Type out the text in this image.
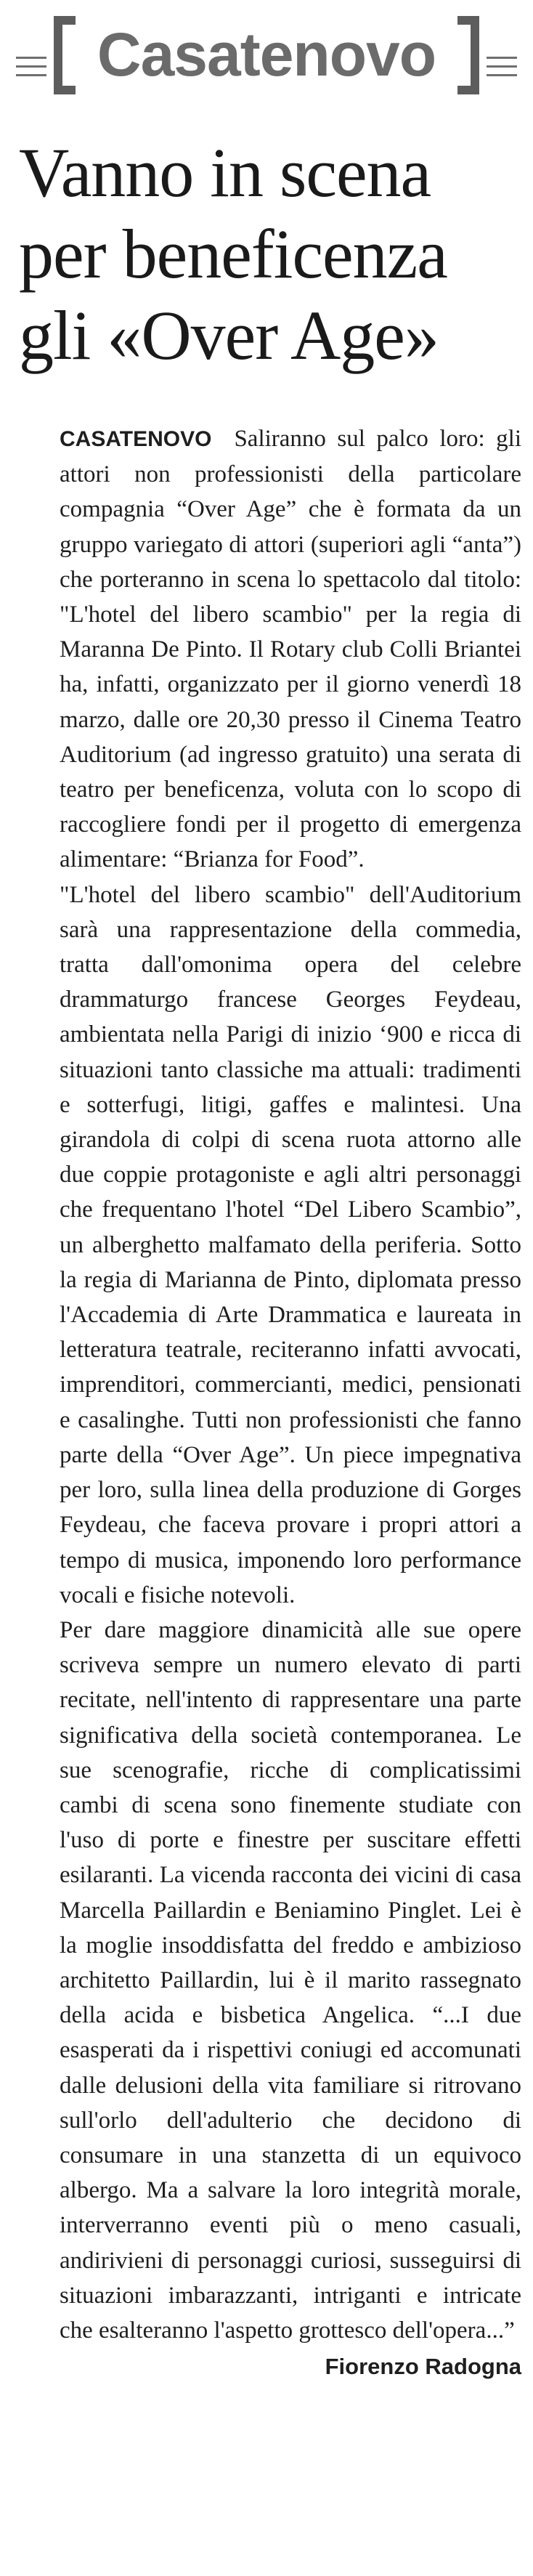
Casatenovo
Vanno in scena
per beneficenza
gli «Over Age»

CASATENOVO Saliranno sul palco loro: gli attori non professionisti della particolare compagnia “Over Age” che è formata da un gruppo variegato di attori (superiori agli “anta”) che porteranno in scena lo spettacolo dal titolo: "L'hotel del libero scambio" per la regia di Maranna De Pinto. Il Rotary club Colli Briantei ha, infatti, organizzato per il giorno venerdì 18 marzo, dalle ore 20,30 presso il Cinema Teatro Auditorium (ad ingresso gratuito) una serata di teatro per beneficenza, voluta con lo scopo di raccogliere fondi per il progetto di emergenza alimentare: “Brianza for Food”.

"L'hotel del libero scambio" dell'Auditorium sarà una rappresentazione della commedia, tratta dall'omonima opera del celebre drammaturgo francese Georges Feydeau, ambientata nella Parigi di inizio ‘900 e ricca di situazioni tanto classiche ma attuali: tradimenti e sotterfugi, litigi, gaffes e malintesi. Una girandola di colpi di scena ruota attorno alle due coppie protagoniste e agli altri personaggi che frequentano l'hotel “Del Libero Scambio”, un alberghetto malfamato della periferia. Sotto la regia di Marianna de Pinto, diplomata presso l'Accademia di Arte Drammatica e laureata in letteratura teatrale, reciteranno infatti avvocati, imprenditori, commercianti, medici, pensionati e casalinghe. Tutti non professionisti che fanno parte della “Over Age”. Un piece impegnativa per loro, sulla linea della produzione di Gorges Feydeau, che faceva provare i propri attori a tempo di musica, imponendo loro performance vocali e fisiche notevoli.

Per dare maggiore dinamicità alle sue opere scriveva sempre un numero elevato di parti recitate, nell'intento di rappresentare una parte significativa della società contemporanea. Le sue scenografie, ricche di complicatissimi cambi di scena sono finemente studiate con l'uso di porte e finestre per suscitare effetti esilaranti. La vicenda racconta dei vicini di casa Marcella Paillardin e Beniamino Pinglet. Lei è la moglie insoddisfatta del freddo e ambizioso architetto Paillardin, lui è il marito rassegnato della acida e bisbetica Angelica. “...I due esasperati da i rispettivi coniugi ed accomunati dalle delusioni della vita familiare si ritrovano sull'orlo dell'adulterio che decidono di consumare in una stanzetta di un equivoco albergo. Ma a salvare la loro integrità morale, interverranno eventi più o meno casuali, andirivieni di personaggi curiosi, susseguirsi di situazioni imbarazzanti, intriganti e intricate che esalteranno l'aspetto grottesco dell'opera...”

Fiorenzo Radogna
